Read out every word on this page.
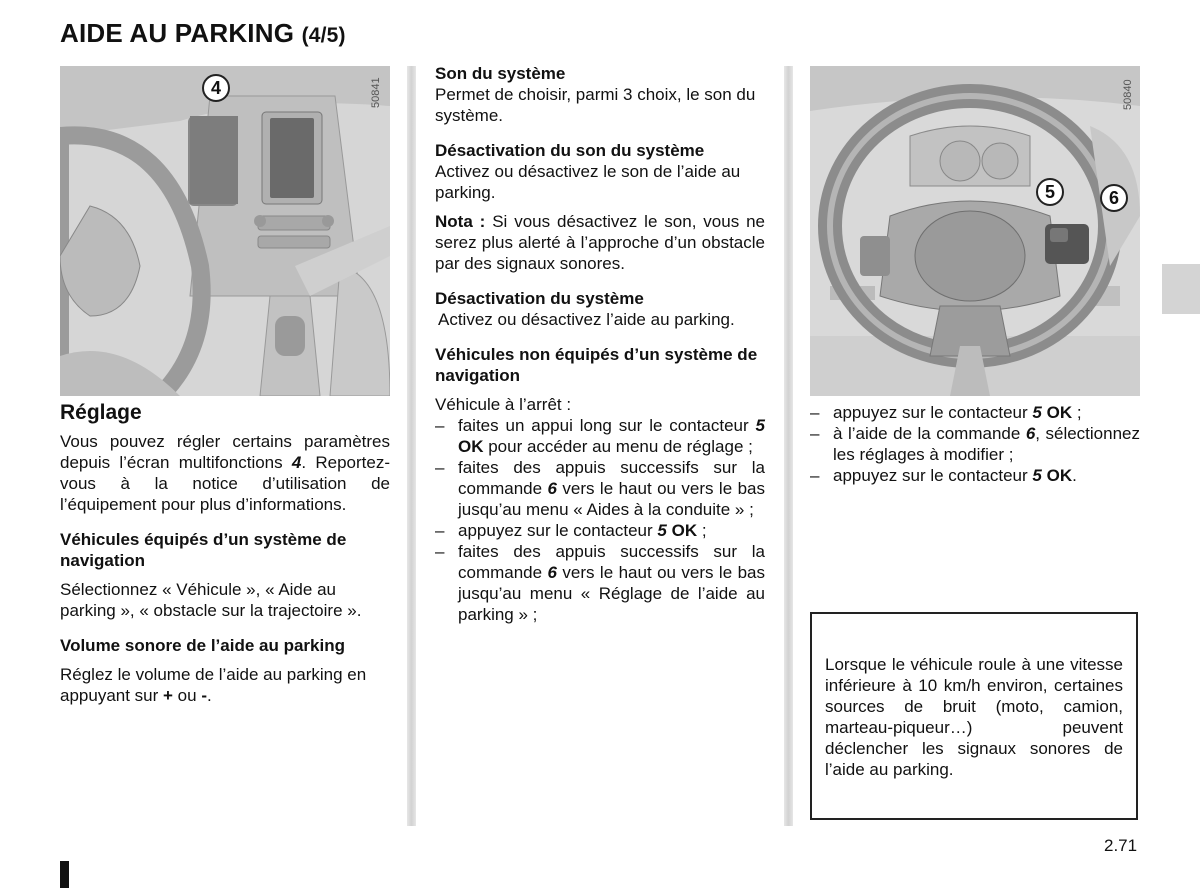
AIDE AU PARKING (4/5)
4	50841

Réglage

Vous pouvez régler certains paramètres depuis l’écran multifonctions 4. Reportez-vous à la notice d’utilisation de l’équipement pour plus d’informations.

Véhicules équipés d’un système de navigation

Sélectionnez « Véhicule », « Aide au parking », « obstacle sur la trajectoire ».

Volume sonore de l’aide au parking

Réglez le volume de l’aide au parking en appuyant sur + ou -.

Son du système

Permet de choisir, parmi 3 choix, le son du système.

Désactivation du son du système

Activez ou désactivez le son de l’aide au parking.

Nota : Si vous désactivez le son, vous ne serez plus alerté à l’approche d’un obstacle par des signaux sonores.

Désactivation du système

Activez ou désactivez l’aide au parking.

Véhicules non équipés d’un système de navigation

Véhicule à l’arrêt :

– faites un appui long sur le contacteur 5 OK pour accéder au menu de réglage ;
– faites des appuis successifs sur la commande 6 vers le haut ou vers le bas jusqu’au menu « Aides à la conduite » ;
– appuyez sur le contacteur 5 OK ;
– faites des appuis successifs sur la commande 6 vers le haut ou vers le bas jusqu’au menu « Réglage de l’aide au parking » ;
5	6
50840
– appuyez sur le contacteur 5 OK ;
– à l’aide de la commande 6, sélectionnez les réglages à modifier ;
– appuyez sur le contacteur 5 OK.

Lorsque le véhicule roule à une vitesse inférieure à 10 km/h environ, certaines sources de bruit (moto, camion, marteau-piqueur…) peuvent déclencher les signaux sonores de l’aide au parking.

2.71
